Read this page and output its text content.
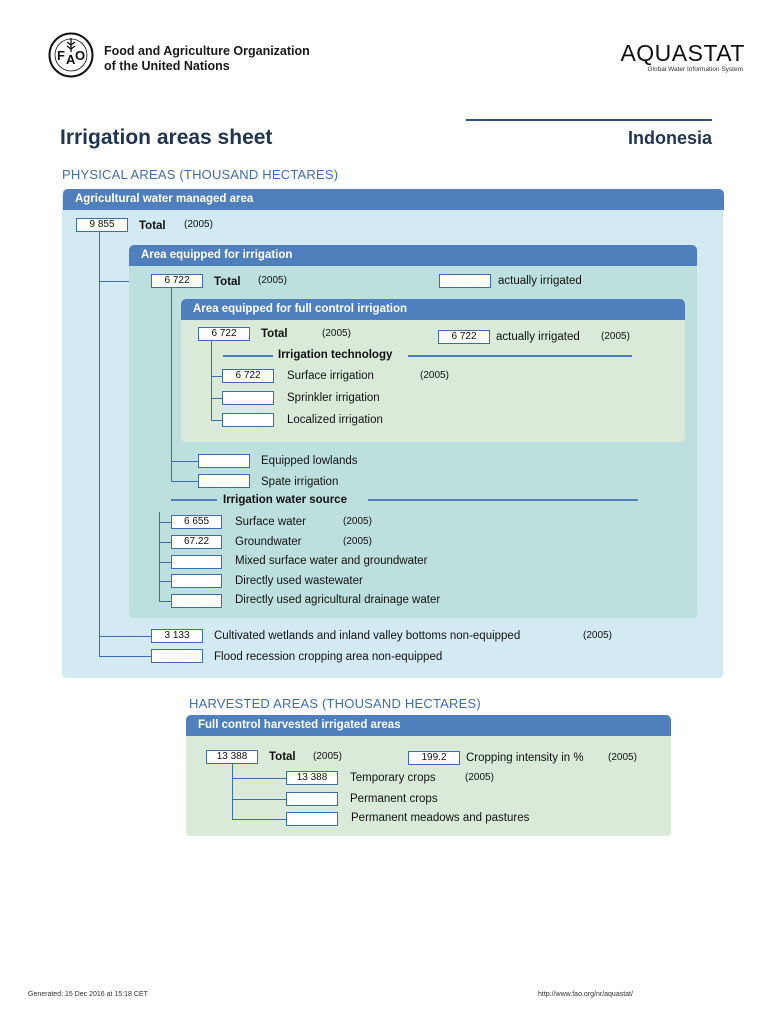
F A O Food and Agriculture Organization
of the United Nations	AQUASTAT
Global Water Information System
Irrigation areas sheet	Indonesia
PHYSICAL AREAS (THOUSAND HECTARES)
Agricultural water managed area
9 855	Total (2005)
Area equipped for irrigation
6 722	Total (2005)	actually irrigated
Area equipped for full control irrigation
6 722	Total	(2005)	6 722	actually irrigated (2005)
Irrigation technology
6 722	Surface irrigation	(2005)
Sprinkler irrigation
Localized irrigation
Equipped lowlands
Spate irrigation
Irrigation water source
6 655	Surface water	(2005)
67.22	Groundwater	(2005)
Mixed surface water and groundwater
Directly used wastewater
Directly used agricultural drainage water
3 133	Cultivated wetlands and inland valley bottoms non-equipped	(2005)
Flood recession cropping area non-equipped
HARVESTED AREAS (THOUSAND HECTARES)
Full control harvested irrigated areas
13 388	Total (2005)	199.2	Cropping intensity in % (2005)
13 388	Temporary crops	(2005)
Permanent crops
Permanent meadows and pastures
Generated: 15 Dec 2016 at 15:18 CET	http://www.fao.org/nr/aquastat/
